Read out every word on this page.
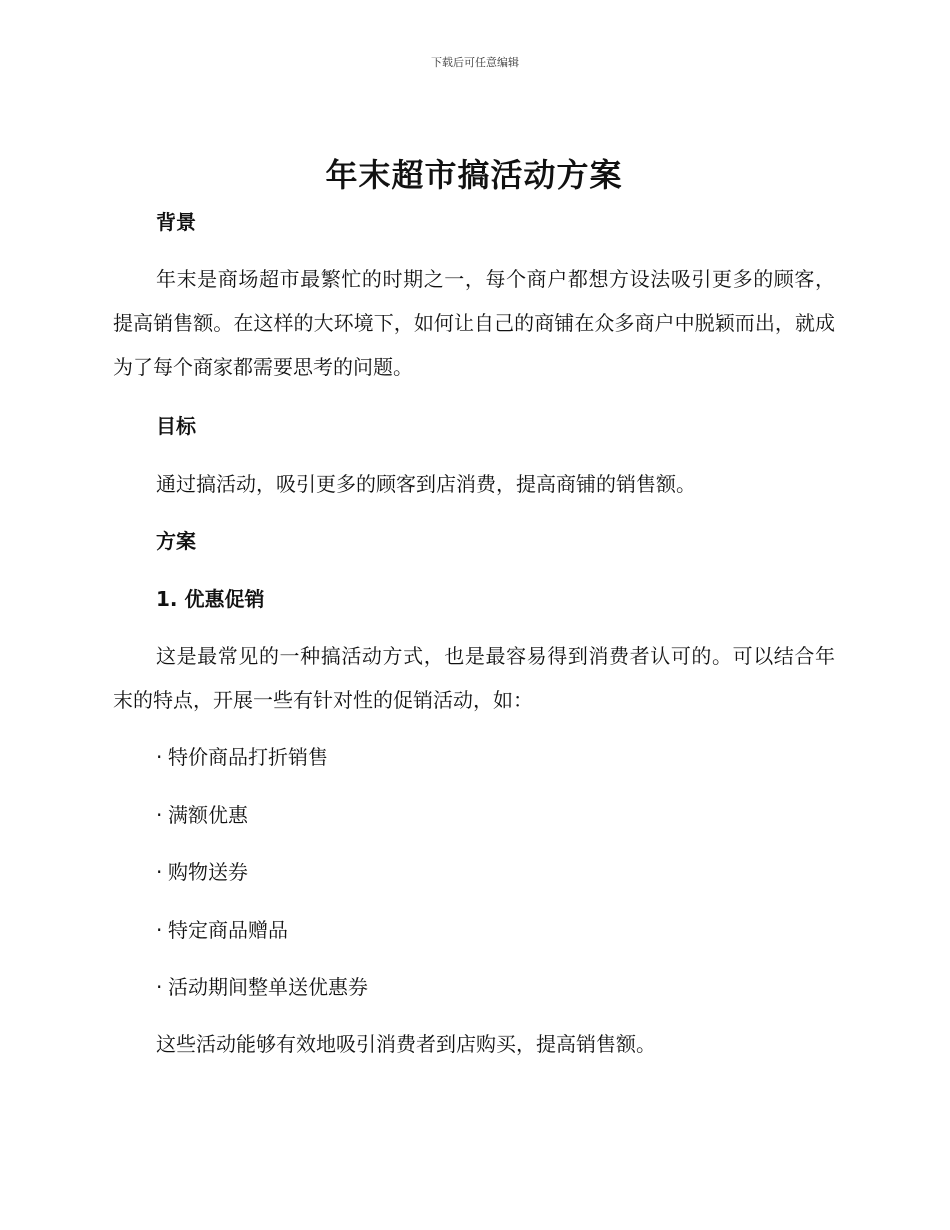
下载后可任意编辑
年末超市搞活动方案
背景
年末是商场超市最繁忙的时期之一，每个商户都想方设法吸引更多的顾客，提高销售额。在这样的大环境下，如何让自己的商铺在众多商户中脱颖而出，就成为了每个商家都需要思考的问题。
目标
通过搞活动，吸引更多的顾客到店消费，提高商铺的销售额。
方案
1. 优惠促销
这是最常见的一种搞活动方式，也是最容易得到消费者认可的。可以结合年末的特点，开展一些有针对性的促销活动，如：
· 特价商品打折销售
· 满额优惠
· 购物送券
· 特定商品赠品
· 活动期间整单送优惠券
这些活动能够有效地吸引消费者到店购买，提高销售额。
